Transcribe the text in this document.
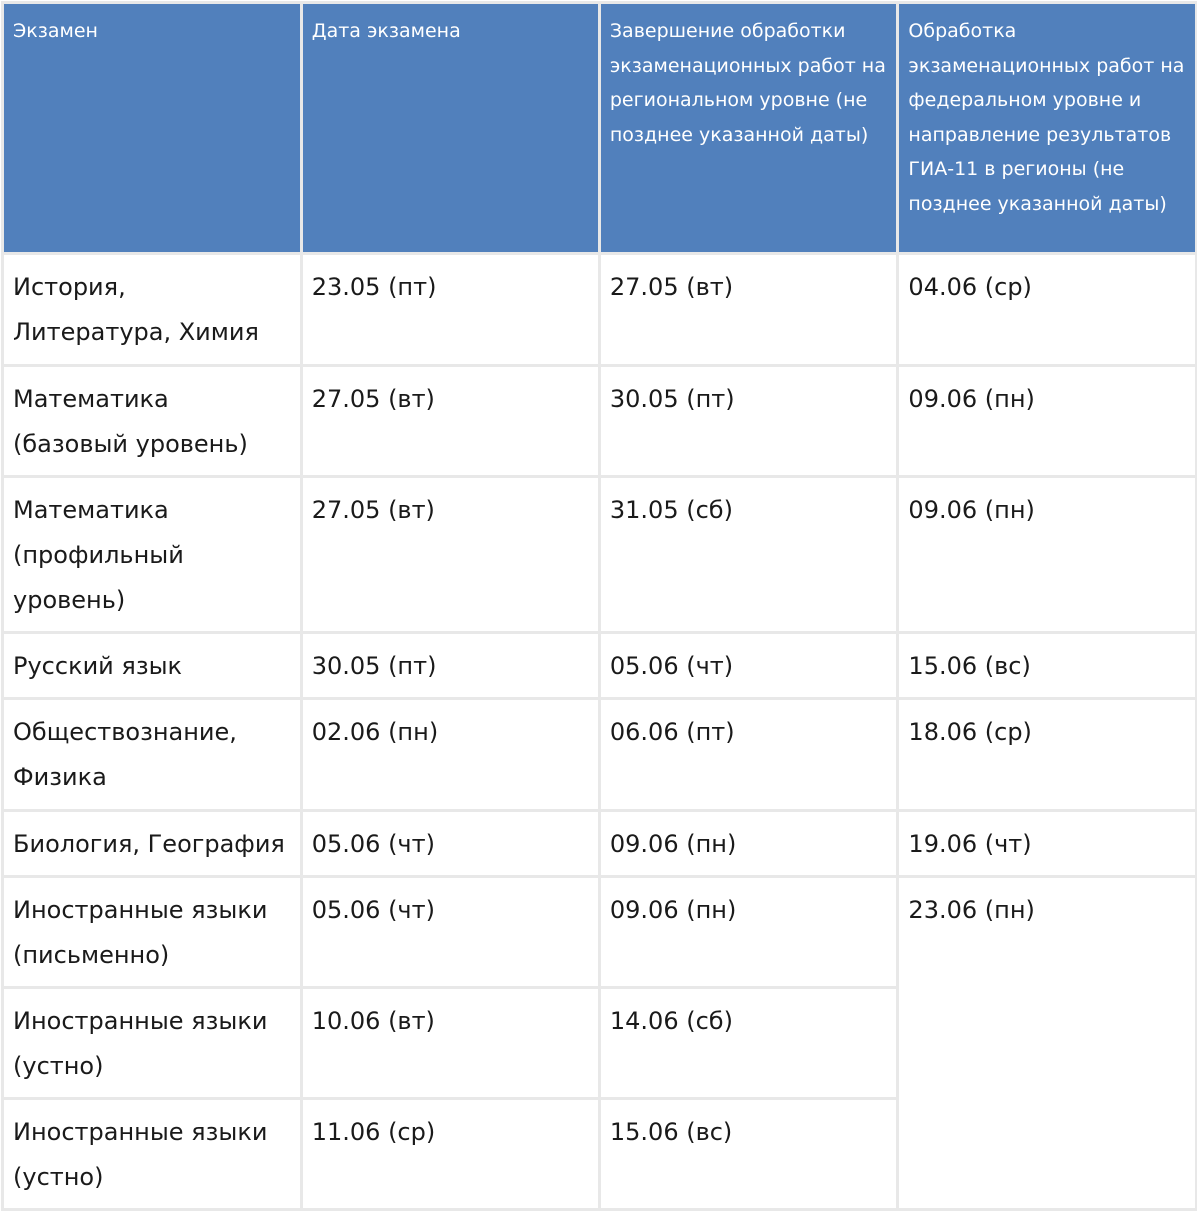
Экзамен	Дата экзамена	Завершение обработки экзаменационных работ на региональном уровне (не позднее указанной даты)	Обработка экзаменационных работ на федеральном уровне и направление результатов ГИА-11 в регионы (не позднее указанной даты)
История, Литература, Химия	23.05 (пт)	27.05 (вт)	04.06 (ср)
Математика (базовый уровень)	27.05 (вт)	30.05 (пт)	09.06 (пн)
Математика (профильный уровень)	27.05 (вт)	31.05 (сб)	09.06 (пн)
Русский язык	30.05 (пт)	05.06 (чт)	15.06 (вс)
Обществознание, Физика	02.06 (пн)	06.06 (пт)	18.06 (ср)
Биология, География	05.06 (чт)	09.06 (пн)	19.06 (чт)
Иностранные языки (письменно)	05.06 (чт)	09.06 (пн)	23.06 (пн)
Иностранные языки (устно)	10.06 (вт)	14.06 (сб)	
Иностранные языки (устно)	11.06 (ср)	15.06 (вс)	
